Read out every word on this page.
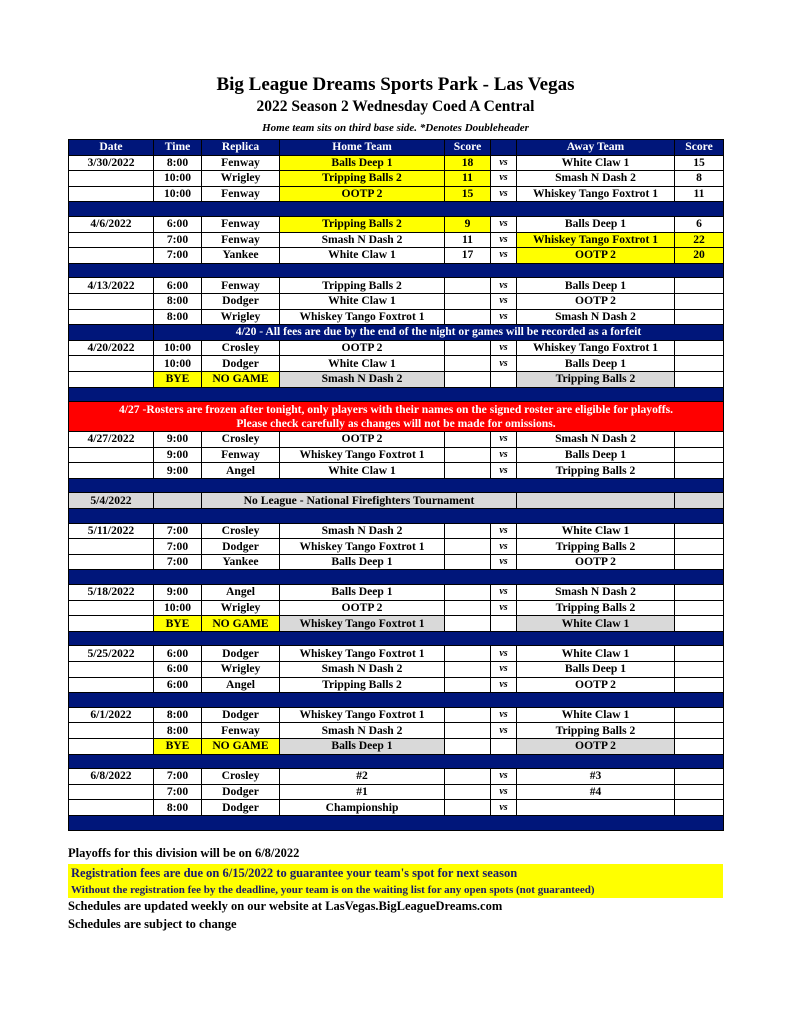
Big League Dreams Sports Park - Las Vegas
2022 Season 2 Wednesday Coed A Central
Home team sits on third base side. *Denotes Doubleheader
Date	Time	Replica	Home Team	Score		Away Team	Score
3/30/2022	8:00	Fenway	Balls Deep 1	18	vs	White Claw 1	15
	10:00	Wrigley	Tripping Balls 2	11	vs	Smash N Dash 2	8
	10:00	Fenway	OOTP 2	15	vs	Whiskey Tango Foxtrot 1	11

4/6/2022	6:00	Fenway	Tripping Balls 2	9	vs	Balls Deep 1	6
	7:00	Fenway	Smash N Dash 2	11	vs	Whiskey Tango Foxtrot 1	22
	7:00	Yankee	White Claw 1	17	vs	OOTP 2	20

4/13/2022	6:00	Fenway	Tripping Balls 2		vs	Balls Deep 1	
	8:00	Dodger	White Claw 1		vs	OOTP 2	
	8:00	Wrigley	Whiskey Tango Foxtrot 1		vs	Smash N Dash 2	
	4/20 - All fees are due by the end of the night or games will be recorded as a forfeit						
4/20/2022	10:00	Crosley	OOTP 2		vs	Whiskey Tango Foxtrot 1	
	10:00	Dodger	White Claw 1		vs	Balls Deep 1	
	BYE	NO GAME	Smash N Dash 2			Tripping Balls 2	

4/27 -Rosters are frozen after tonight, only players with their names on the signed roster are eligible for playoffs.
Please check carefully as changes will not be made for omissions.							

4/27/2022	9:00	Crosley	OOTP 2		vs	Smash N Dash 2	
	9:00	Fenway	Whiskey Tango Foxtrot 1		vs	Balls Deep 1	
	9:00	Angel	White Claw 1		vs	Tripping Balls 2	

5/4/2022		No League - National Firefighters Tournament					

5/11/2022	7:00	Crosley	Smash N Dash 2		vs	White Claw 1	
	7:00	Dodger	Whiskey Tango Foxtrot 1		vs	Tripping Balls 2	
	7:00	Yankee	Balls Deep 1		vs	OOTP 2	

5/18/2022	9:00	Angel	Balls Deep 1		vs	Smash N Dash 2	
	10:00	Wrigley	OOTP 2		vs	Tripping Balls 2	
	BYE	NO GAME	Whiskey Tango Foxtrot 1			White Claw 1	

5/25/2022	6:00	Dodger	Whiskey Tango Foxtrot 1		vs	White Claw 1	
	6:00	Wrigley	Smash N Dash 2		vs	Balls Deep 1	
	6:00	Angel	Tripping Balls 2		vs	OOTP 2	

6/1/2022	8:00	Dodger	Whiskey Tango Foxtrot 1		vs	White Claw 1	
	8:00	Fenway	Smash N Dash 2		vs	Tripping Balls 2	
	BYE	NO GAME	Balls Deep 1			OOTP 2	

6/8/2022	7:00	Crosley	#2		vs	#3	
	7:00	Dodger	#1		vs	#4	
	8:00	Dodger	Championship		vs		

Playoffs for this division will be on 6/8/2022
Registration fees are due on 6/15/2022 to guarantee your team's spot for next season
Without the registration fee by the deadline, your team is on the waiting list for any open spots (not guaranteed)
Schedules are updated weekly on our website at LasVegas.BigLeagueDreams.com
Schedules are subject to change
